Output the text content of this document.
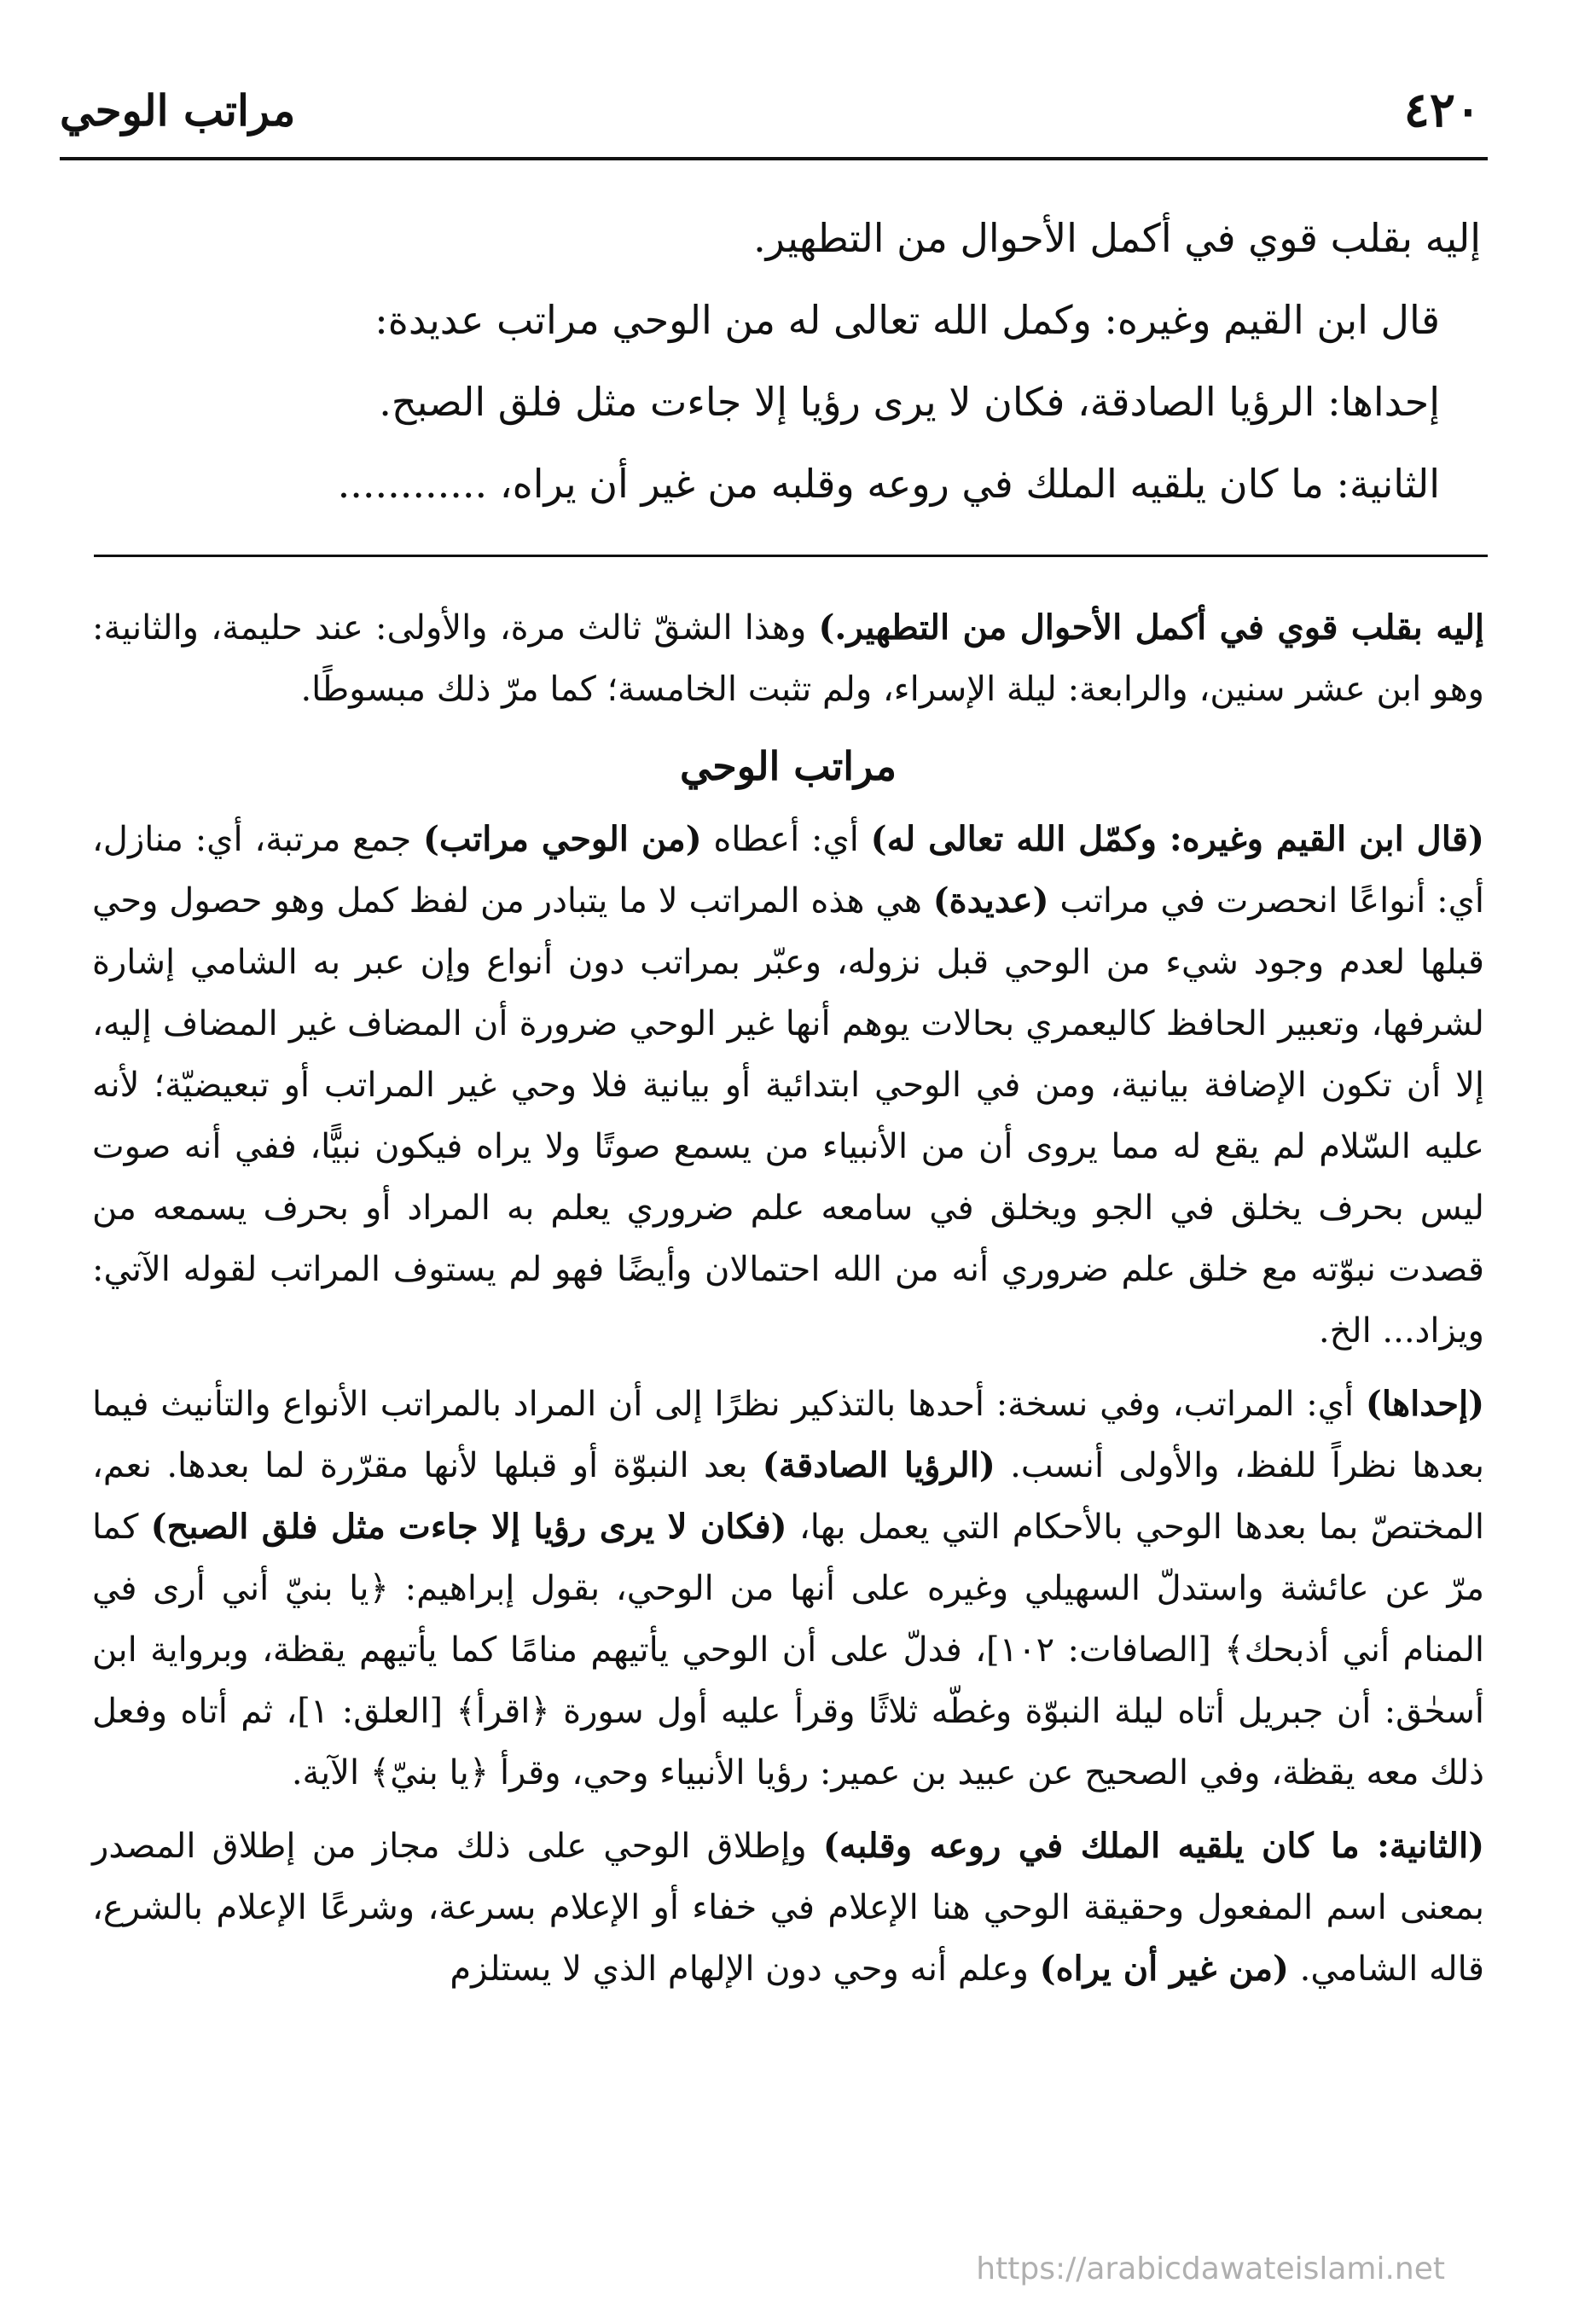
مراتب الوحي	٤٢٠
إليه بقلب قوي في أكمل الأحوال من التطهير.
قال ابن القيم وغيره: وكمل الله تعالى له من الوحي مراتب عديدة:
إحداها: الرؤيا الصادقة، فكان لا يرى رؤيا إلا جاءت مثل فلق الصبح.
الثانية: ما كان يلقيه الملك في روعه وقلبه من غير أن يراه، ............

إليه بقلب قوي في أكمل الأحوال من التطهير.) وهذا الشقّ ثالث مرة، والأولى: عند حليمة، والثانية: وهو ابن عشر سنين، والرابعة: ليلة الإسراء، ولم تثبت الخامسة؛ كما مرّ ذلك مبسوطًا.

مراتب الوحي

(قال ابن القيم وغيره: وكمّل الله تعالى له) أي: أعطاه (من الوحي مراتب) جمع مرتبة، أي: منازل، أي: أنواعًا انحصرت في مراتب (عديدة) هي هذه المراتب لا ما يتبادر من لفظ كمل وهو حصول وحي قبلها لعدم وجود شيء من الوحي قبل نزوله، وعبّر بمراتب دون أنواع وإن عبر به الشامي إشارة لشرفها، وتعبير الحافظ كاليعمري بحالات يوهم أنها غير الوحي ضرورة أن المضاف غير المضاف إليه، إلا أن تكون الإضافة بيانية، ومن في الوحي ابتدائية أو بيانية فلا وحي غير المراتب أو تبعيضيّة؛ لأنه عليه السّلام لم يقع له مما يروى أن من الأنبياء من يسمع صوتًا ولا يراه فيكون نبيًّا، ففي أنه صوت ليس بحرف يخلق في الجو ويخلق في سامعه علم ضروري يعلم به المراد أو بحرف يسمعه من قصدت نبوّته مع خلق علم ضروري أنه من الله احتمالان وأيضًا فهو لم يستوف المراتب لقوله الآتي: ويزاد... الخ.

(إحداها) أي: المراتب، وفي نسخة: أحدها بالتذكير نظرًا إلى أن المراد بالمراتب الأنواع والتأنيث فيما بعدها نظراً للفظ، والأولى أنسب. (الرؤيا الصادقة) بعد النبوّة أو قبلها لأنها مقرّرة لما بعدها. نعم، المختصّ بما بعدها الوحي بالأحكام التي يعمل بها، (فكان لا يرى رؤيا إلا جاءت مثل فلق الصبح) كما مرّ عن عائشة واستدلّ السهيلي وغيره على أنها من الوحي، بقول إبراهيم: ﴿يا بنيّ أني أرى في المنام أني أذبحك﴾ [الصافات: ١٠٢]، فدلّ على أن الوحي يأتيهم منامًا كما يأتيهم يقظة، وبرواية ابن أسحٰق: أن جبريل أتاه ليلة النبوّة وغطّه ثلاثًا وقرأ عليه أول سورة ﴿اقرأ﴾ [العلق: ١]، ثم أتاه وفعل ذلك معه يقظة، وفي الصحيح عن عبيد بن عمير: رؤيا الأنبياء وحي، وقرأ ﴿يا بنيّ﴾ الآية.

(الثانية: ما كان يلقيه الملك في روعه وقلبه) وإطلاق الوحي على ذلك مجاز من إطلاق المصدر بمعنى اسم المفعول وحقيقة الوحي هنا الإعلام في خفاء أو الإعلام بسرعة، وشرعًا الإعلام بالشرع، قاله الشامي. (من غير أن يراه) وعلم أنه وحي دون الإلهام الذي لا يستلزم

https://arabicdawateislami.net
